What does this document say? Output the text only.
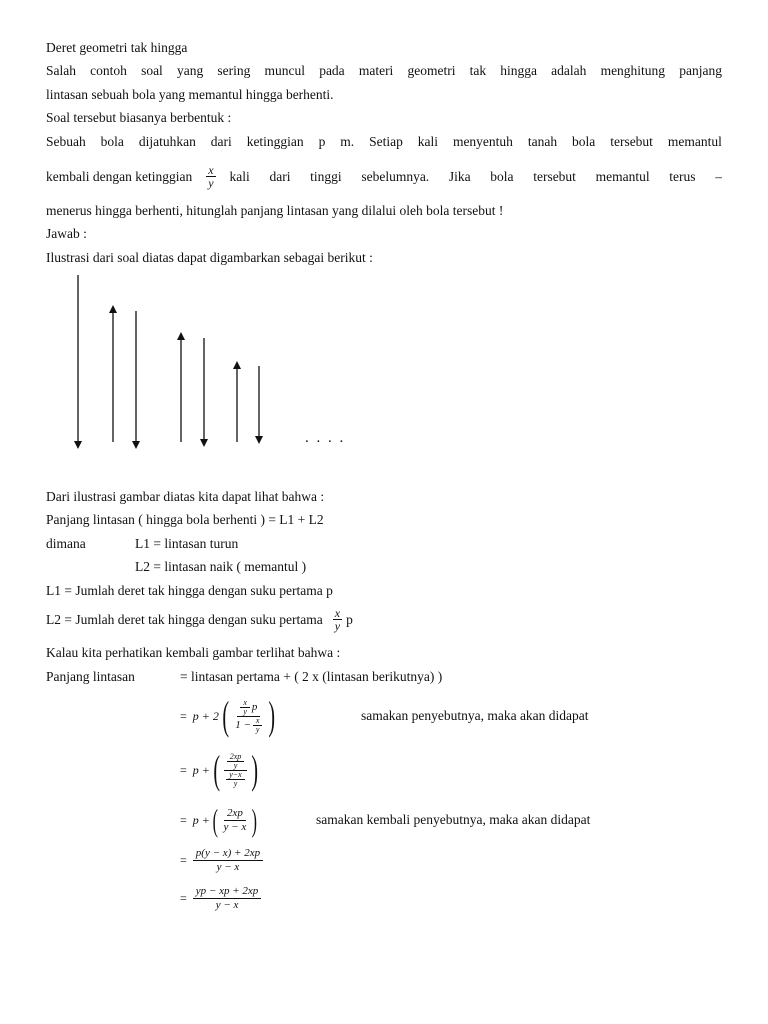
Deret geometri tak hingga
Salah contoh soal yang sering muncul pada materi geometri tak hingga adalah menghitung panjang
lintasan sebuah bola yang memantul hingga berhenti.
Soal tersebut biasanya berbentuk :
Sebuah bola dijatuhkan dari ketinggian p m. Setiap kali menyentuh tanah bola tersebut memantul
kembali dengan ketinggian $\frac{x}{y}$ kali dari tinggi sebelumnya. Jika bola tersebut memantul terus –
menerus hingga berhenti, hitunglah panjang lintasan yang dilalui oleh bola tersebut !
Jawab :
Ilustrasi dari soal diatas dapat digambarkan sebagai berikut :
. . . .
Dari ilustrasi gambar diatas kita dapat lihat bahwa :
Panjang lintasan ( hingga bola berhenti ) = L1 + L2
dimana	L1 = lintasan turun
L2 = lintasan naik ( memantul )
L1 = Jumlah deret tak hingga dengan suku pertama p
L2 = Jumlah deret tak hingga dengan suku pertama $\frac{x}{y}$ p
Kalau kita perhatikan kembali gambar terlihat bahwa :
Panjang lintasan	= lintasan pertama + ( 2 x (lintasan berikutnya) )
= p + 2 ( $\frac{\frac{x}{y} p}{1 - \frac{x}{y}}$ )	samakan penyebutnya, maka akan didapat
= p + ( $\frac{\frac{2xp}{y}}{\frac{y-x}{y}}$ )
= p + ( $\frac{2xp}{y - x}$ )	samakan kembali penyebutnya, maka akan didapat
= $\frac{p(y - x) + 2xp}{y - x}$
= $\frac{yp - xp + 2xp}{y - x}$
